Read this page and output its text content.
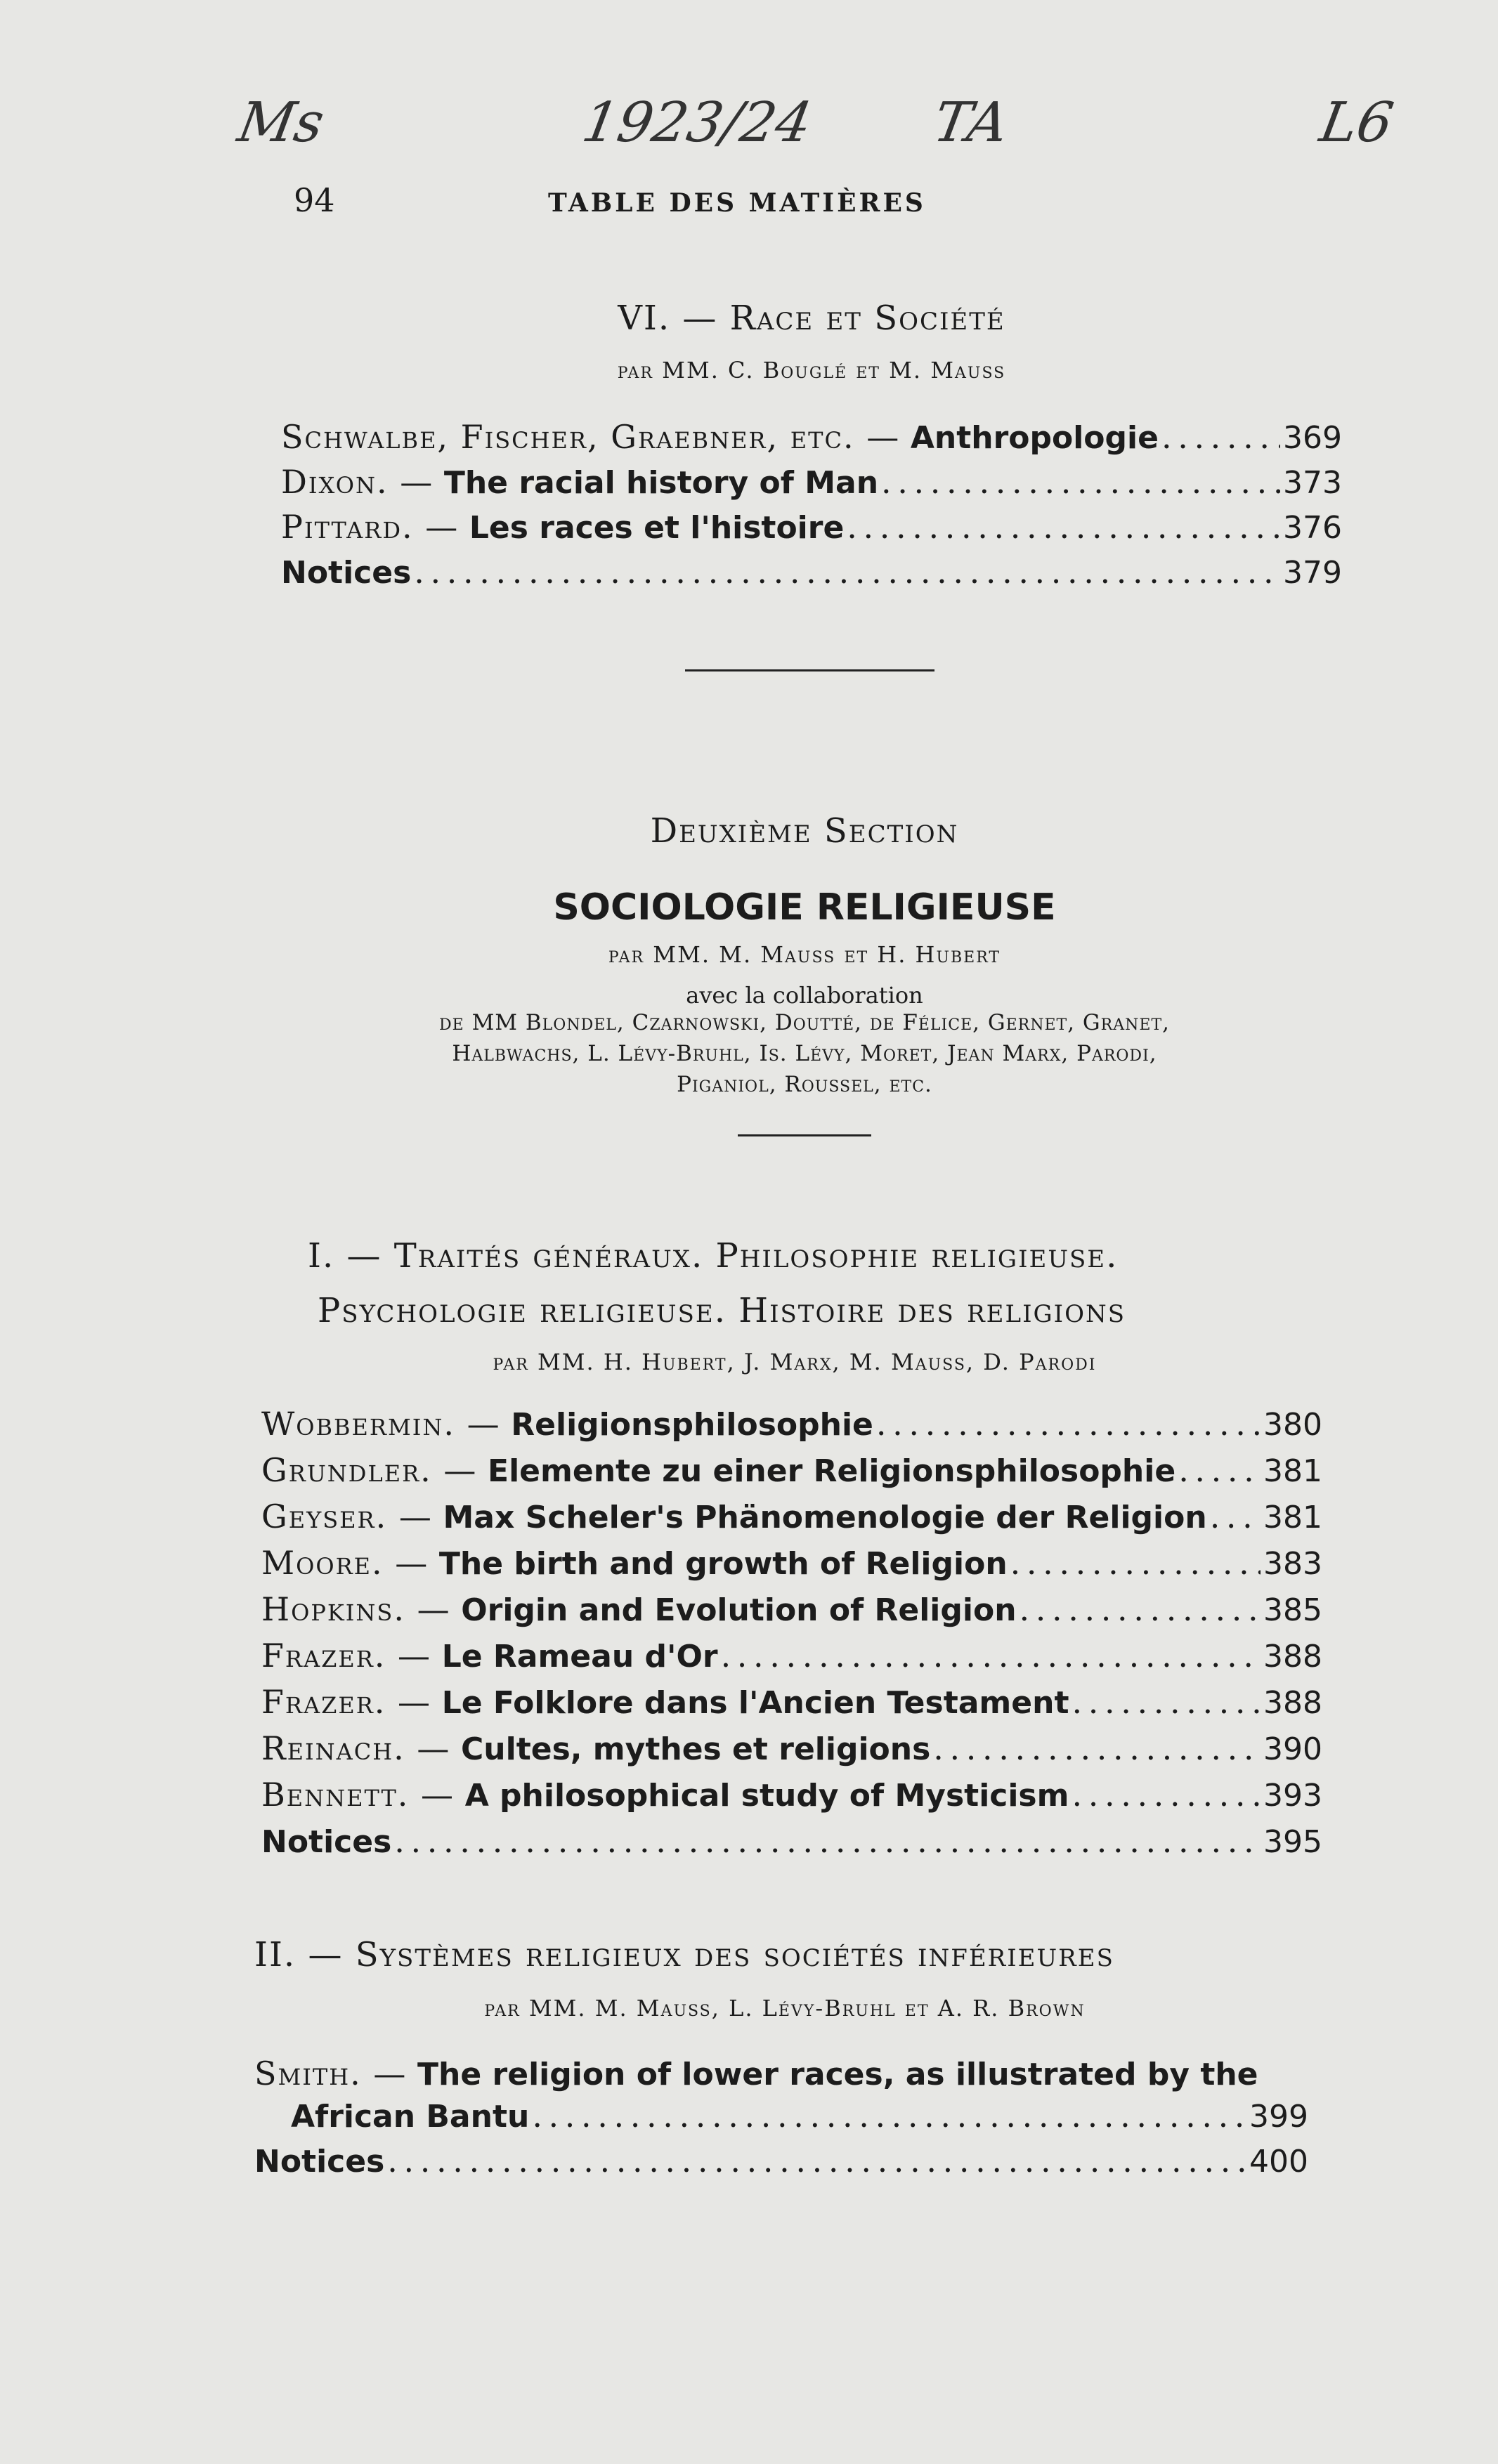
Ms	1923/24 TA	L6
94	TABLE DES MATIÈRES
VI. — Race et Société
par MM. C. Bouglé et M. Mauss
Schwalbe, Fischer, Graebner, etc. —
Anthropologie . . .	369
Dixon. —
The racial history of Man . . .	373
Pittard. —
Les races et l'histoire . . .	376
Notices . . .	379
Deuxième Section
SOCIOLOGIE RELIGIEUSE
par MM. M. Mauss et H. Hubert
avec la collaboration
de MM Blondel, Czarnowski, Doutté, de Félice, Gernet, Granet,
Halbwachs, L. Lévy-Bruhl, Is. Lévy, Moret, Jean Marx, Parodi,
Piganiol, Roussel, etc.
I. — Traités généraux. Philosophie religieuse.
Psychologie religieuse. Histoire des religions
par MM. H. Hubert, J. Marx, M. Mauss, D. Parodi
Wobbermin. —
Religionsphilosophie . . .	380
Grundler. —
Elemente zu einer Religionsphilosophie . . .	381
Geyser. —
Max Scheler's Phänomenologie der Religion . . . 381
Moore. —
The birth and growth of Religion . . .	383
Hopkins. —
Origin and Evolution of Religion . . .	385
Frazer. —
Le Rameau d'Or . . .	388
Frazer. —
Le Folklore dans l'Ancien Testament . . .	388
Reinach. —
Cultes, mythes et religions . . .	390
Bennett. —
A philosophical study of Mysticism . . .	393
Notices . . .	395
II. — Systèmes religieux des sociétés inférieures
par MM. M. Mauss, L. Lévy-Bruhl et A. R. Brown
Smith. —
The religion of lower races, as illustrated by the
African Bantu . . .	399
Notices . . .	400
